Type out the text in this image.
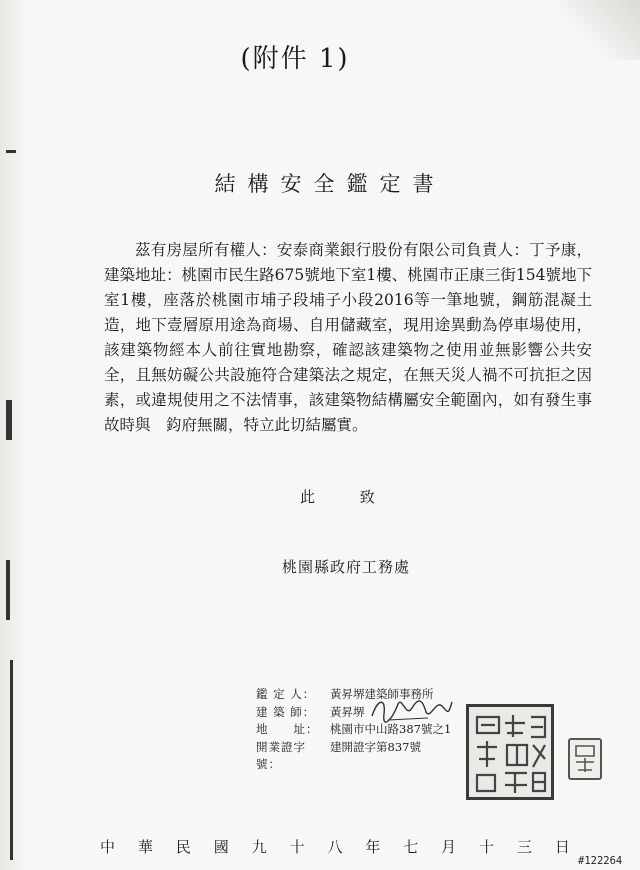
(附件 1)
結構安全鑑定書

茲有房屋所有權人：安泰商業銀行股份有限公司負責人：丁予康，建築地址：桃園市民生路675號地下室1樓、桃園市正康三街154號地下室1樓，座落於桃園市埔子段埔子小段2016等一筆地號，鋼筋混凝土造，地下壹層原用途為商場、自用儲藏室，現用途異動為停車場使用，該建築物經本人前往實地勘察，確認該建築物之使用並無影響公共安全，且無妨礙公共設施符合建築法之規定，在無天災人禍不可抗拒之因素，或違規使用之不法情事，該建築物結構屬安全範圍內，如有發生事故時與　鈞府無關，特立此切結屬實。

此 致
桃園縣政府工務處
鑑 定 人：	黃昇堺建築師事務所
建 築 師：	黃昇堺
地　　址：	桃園市中山路387號之1
開業證字號：
建開證字第837號
中 華 民 國 九 十 八 年 七 月 十 三 日
#122264
